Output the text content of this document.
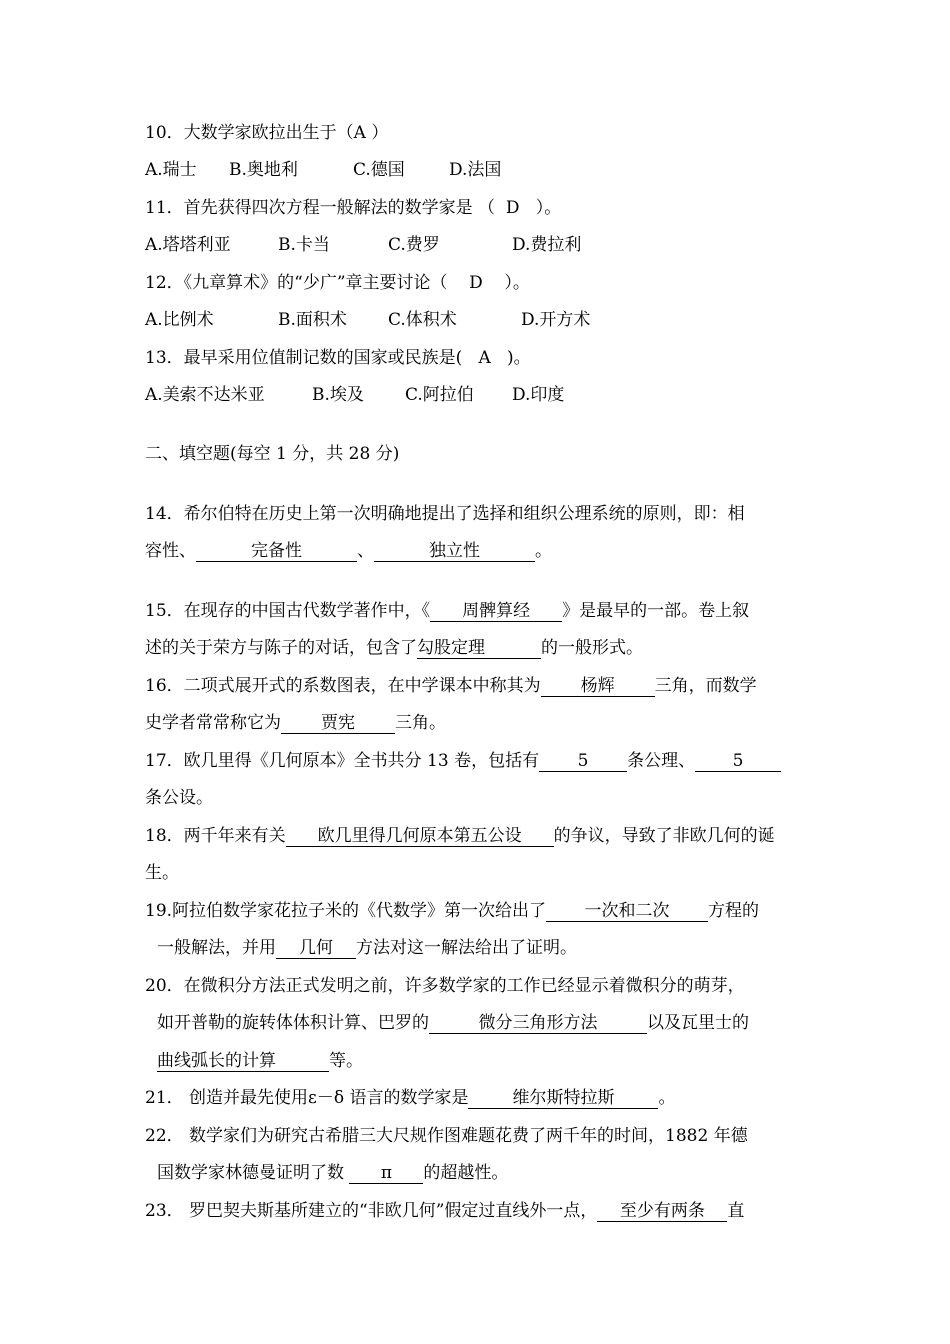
10．大数学家欧拉出生于（A ）
A.瑞士 B.奥地利	C.德国	D.法国
11．首先获得四次方程一般解法的数学家是 （ D ）。
A.塔塔利亚	B.卡当	C.费罗	D.费拉利
12．《九章算术》的“少广”章主要讨论（ D ）。
A.比例术	B.面积术 C.体积术	D.开方术
13．最早采用位值制记数的国家或民族是( A )。
A.美索不达米亚	B.埃及 C.阿拉伯 D.印度
二、填空题(每空 1 分，共 28 分)
14．希尔伯特在历史上第一次明确地提出了选择和组织公理系统的原则，即：相
容性、	完备性	、	独立性	。
15．在现存的中国古代数学著作中，《 周髀算经 》是最早的一部。卷上叙
述的关于荣方与陈子的对话，包含了勾股定理	的一般形式。
16．二项式展开式的系数图表，在中学课本中称其为 杨辉 三角，而数学
史学者常常称它为 贾宪 三角。
17．欧几里得《几何原本》全书共分 13 卷，包括有 5 条公理、 5
条公设。
18．两千年来有关 欧几里得几何原本第五公设 的争议，导致了非欧几何的诞
生。
19.阿拉伯数学家花拉子米的《代数学》第一次给出了 一次和二次 方程的
一般解法，并用 几何 方法对这一解法给出了证明。
20．在微积分方法正式发明之前，许多数学家的工作已经显示着微积分的萌芽，
如开普勒的旋转体体积计算、巴罗的	微分三角形方法	以及瓦里士的
曲线弧长的计算	等。
21． 创造并最先使用ε－δ 语言的数学家是	维尔斯特拉斯	。
22． 数学家们为研究古希腊三大尺规作图难题花费了两千年的时间，1882 年德
国数学家林德曼证明了数 π 的超越性。
23． 罗巴契夫斯基所建立的“非欧几何”假定过直线外一点， 至少有两条 直
